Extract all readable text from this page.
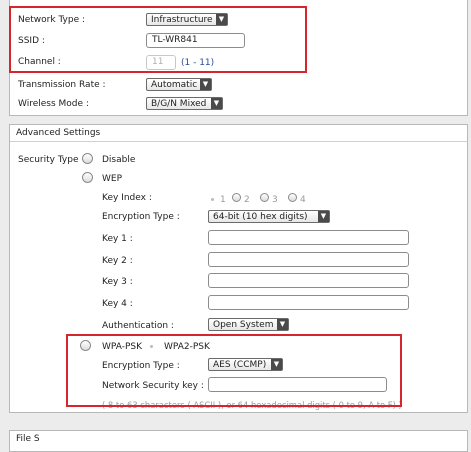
Network Type :	Infrastructure ▼
SSID :	TL-WR841
Channel :	11	(1 - 11)
Transmission Rate :	Automatic ▼
Wireless Mode :	B/G/N Mixed	▼
Advanced Settings
Security Type	Disable
WEP
Key Index :	1 2 3 4
Encryption Type :	64-bit (10 hex digits)	▼
Key 1 :
Key 2 :
Key 3 :
Key 4 :
Authentication :	Open System ▼
WPA-PSK WPA2-PSK
Encryption Type :	AES (CCMP)	▼
Network Security key :
( 8 to 63 characters ( ASCII ), or 64 hexadecimal digits ( 0 to 9, A to F) )
File S
